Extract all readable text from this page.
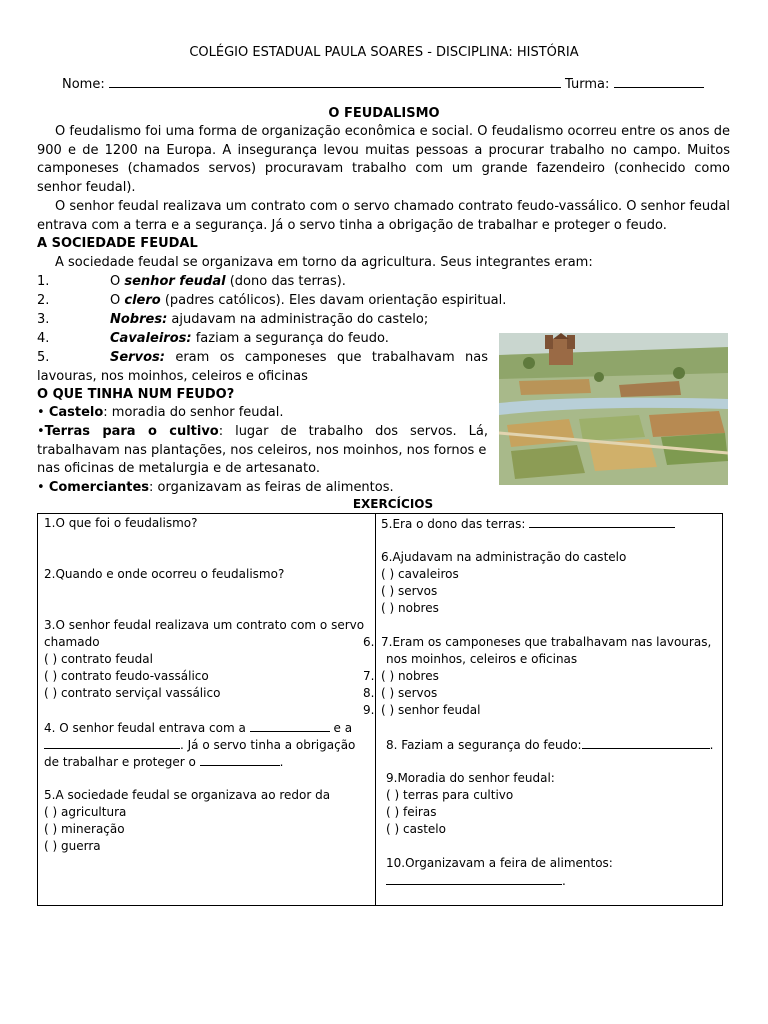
COLÉGIO ESTADUAL PAULA SOARES - DISCIPLINA: HISTÓRIA
Nome:	Turma:
O FEUDALISMO
O feudalismo foi uma forma de organização econômica e social. O feudalismo ocorreu entre os anos de 900 e de 1200 na Europa. A insegurança levou muitas pessoas a procurar trabalho no campo. Muitos camponeses (chamados servos) procuravam trabalho com um grande fazendeiro (conhecido como senhor feudal).
O senhor feudal realizava um contrato com o servo chamado contrato feudo-vassálico. O senhor feudal entrava com a terra e a segurança. Já o servo tinha a obrigação de trabalhar e proteger o feudo.
A SOCIEDADE FEUDAL
A sociedade feudal se organizava em torno da agricultura. Seus integrantes eram:
1.	O senhor feudal (dono das terras).
2.	O clero (padres católicos). Eles davam orientação espiritual.
3.	Nobres: ajudavam na administração do castelo;
4.	Cavaleiros: faziam a segurança do feudo.
5.	Servos: eram os camponeses que trabalhavam nas
lavouras, nos moinhos, celeiros e oficinas
O QUE TINHA NUM FEUDO?
• Castelo: moradia do senhor feudal.
•Terras para o cultivo: lugar de trabalho dos servos. Lá,
trabalhavam nas plantações, nos celeiros, nos moinhos, nos fornos e
nas oficinas de metalurgia e de artesanato.
• Comerciantes: organizavam as feiras de alimentos.
EXERCÍCIOS
1.O que foi o feudalismo?
2.Quando e onde ocorreu o feudalismo?
3.O senhor feudal realizava um contrato com o servo
chamado
( ) contrato feudal
( ) contrato feudo-vassálico
( ) contrato serviçal vassálico
4. O senhor feudal entrava com a	e a
. Já o servo tinha a obrigação
de trabalhar e proteger o	.
5.A sociedade feudal se organizava ao redor da
( ) agricultura
( ) mineração
( ) guerra
6.
7.
8.
9.
5.Era o dono das terras:
6.Ajudavam na administração do castelo
( ) cavaleiros
( ) servos
( ) nobres
7.Eram os camponeses que trabalhavam nas lavouras,
nos moinhos, celeiros e oficinas
( ) nobres
( ) servos
( ) senhor feudal
8. Faziam a segurança do feudo:	.
9.Moradia do senhor feudal:
( ) terras para cultivo
( ) feiras
( ) castelo
10.Organizavam a feira de alimentos:
.
